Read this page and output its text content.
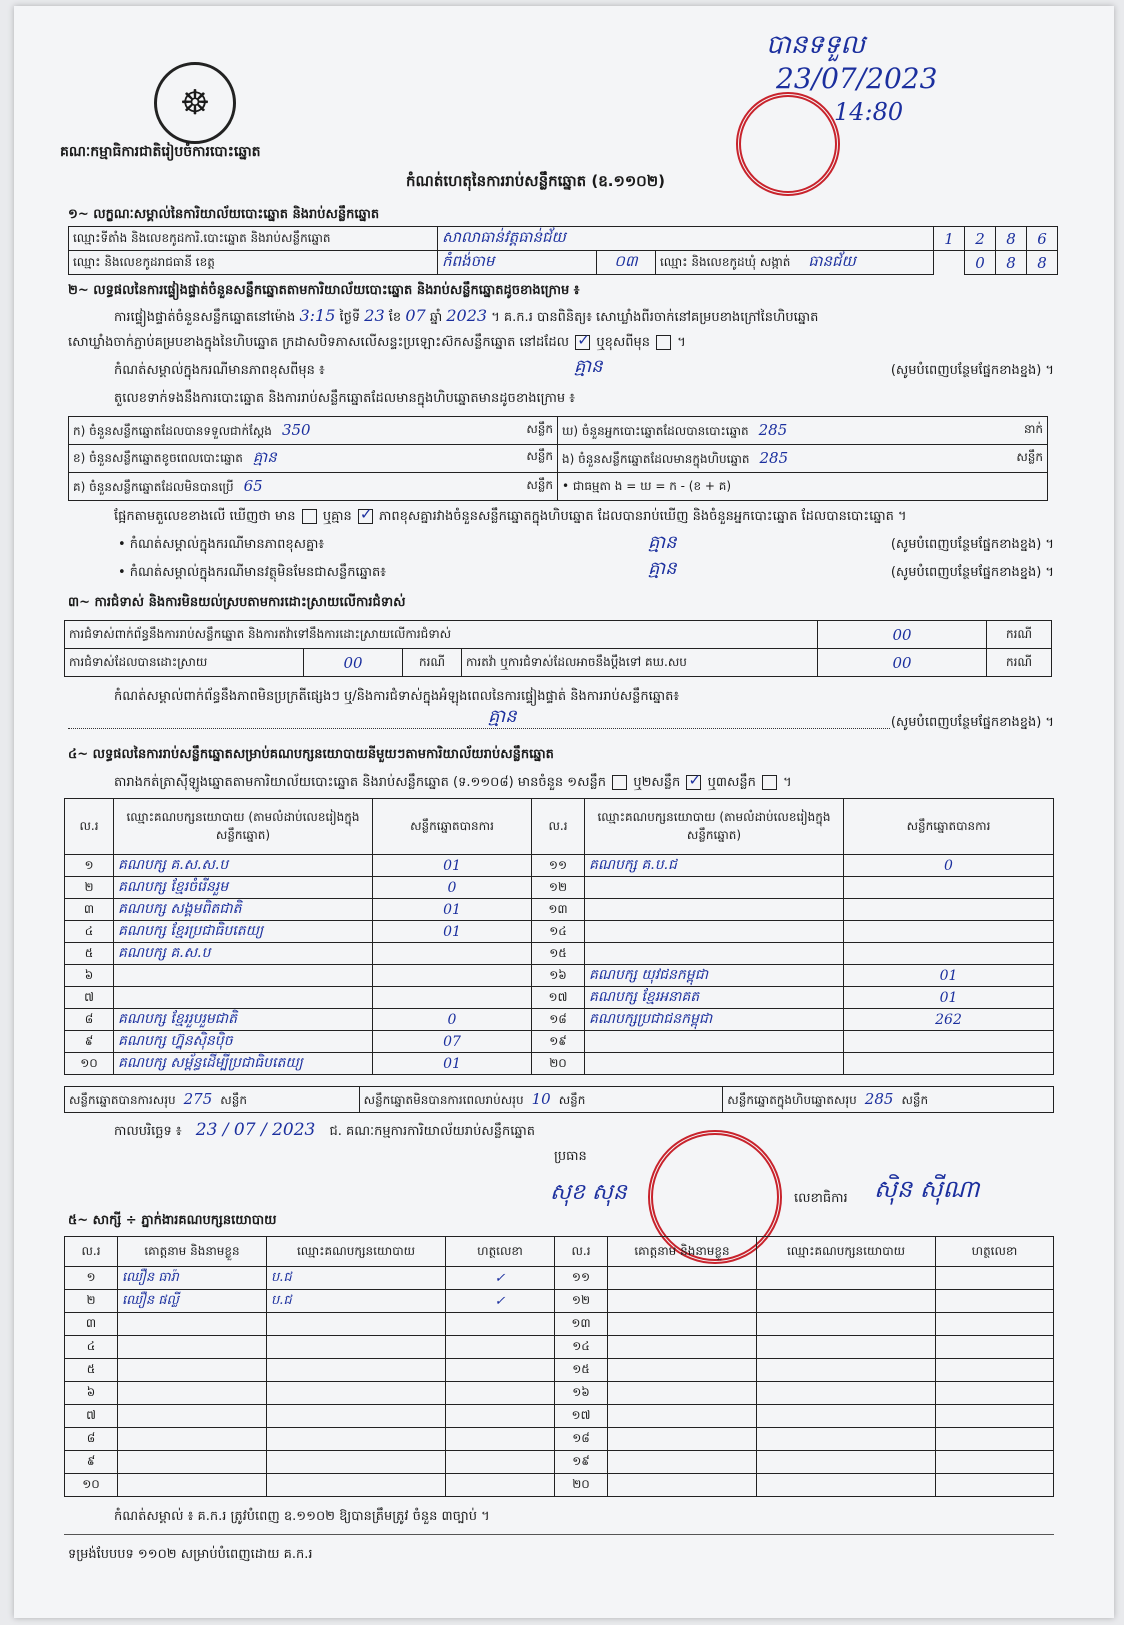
☸
គណៈកម្មាធិការជាតិរៀបចំការបោះឆ្នោត
កំណត់ហេតុនៃការរាប់សន្លឹកឆ្នោត (ឧ.១១០២)
បានទទួល
23/07/2023
14:80
១~ លក្ខណៈសម្គាល់នៃការិយាល័យបោះឆ្នោត និងរាប់សន្លឹកឆ្នោត
ឈ្មោះទីតាំង និងលេខកូដការិ.បោះឆ្នោត និងរាប់សន្លឹកឆ្នោត	សាលាធាន់វត្តធាន់ជ័យ			1	2	8	6
ឈ្មោះ និងលេខកូដរាជធានី ខេត្ត	កំពង់ចាម	០៣	ឈ្មោះ និងលេខកូដឃុំ សង្កាត់ ធានជ័យ		0	8	8
២~ លទ្ធផលនៃការផ្ទៀងផ្ទាត់ចំនួនសន្លឹកឆ្នោតតាមការិយាល័យបោះឆ្នោត និងរាប់សន្លឹកឆ្នោតដូចខាងក្រោម ៖
ការផ្ទៀងផ្ទាត់ចំនួនសន្លឹកឆ្នោតនៅម៉ោង 3:15 ថ្ងៃទី 23 ខែ 07 ឆ្នាំ 2023 ។ គ.ក.រ បានពិនិត្យ៖ សោឃ្លាំងពីរចាក់នៅគម្របខាងក្រៅនៃហិបឆ្នោត
សោឃ្លាំងចាក់ភ្ជាប់គម្របខាងក្នុងនៃហិបឆ្នោត ក្រដាសបិទភាសលើសន្ទះប្រឡោះស៊កសន្លឹកឆ្នោត នៅដដែល ✓ ឬខុសពីមុន  ។
កំណត់សម្គាល់ក្នុងករណីមានភាពខុសពីមុន ៖	គ្មាន	(សូមបំពេញបន្ថែមផ្នែកខាងខ្នង) ។
តួលេខទាក់ទងនឹងការបោះឆ្នោត និងការរាប់សន្លឹកឆ្នោតដែលមានក្នុងហិបឆ្នោតមានដូចខាងក្រោម ៖
ក) ចំនួនសន្លឹកឆ្នោតដែលបានទទួលជាក់ស្តែង 350 សន្លឹក	ឃ) ចំនួនអ្នកបោះឆ្នោតដែលបានបោះឆ្នោត 285 នាក់

ខ) ចំនួនសន្លឹកឆ្នោតខូចពេលបោះឆ្នោត គ្មាន សន្លឹក	ង) ចំនួនសន្លឹកឆ្នោតដែលមានក្នុងហិបឆ្នោត 285 សន្លឹក

គ) ចំនួនសន្លឹកឆ្នោតដែលមិនបានប្រើ 65 សន្លឹក	• ជាធម្មតា ង = ឃ = ក - (ខ + គ)
ផ្អែកតាមតួលេខខាងលើ ឃើញថា មាន ឬគ្មាន ✓ ភាពខុសគ្នារវាងចំនួនសន្លឹកឆ្នោតក្នុងហិបឆ្នោត ដែលបានរាប់ឃើញ និងចំនួនអ្នកបោះឆ្នោត ដែលបានបោះឆ្នោត ។
• កំណត់សម្គាល់ក្នុងករណីមានភាពខុសគ្នា៖	គ្មាន	(សូមបំពេញបន្ថែមផ្នែកខាងខ្នង) ។
• កំណត់សម្គាល់ក្នុងករណីមានវត្ថុមិនមែនជាសន្លឹកឆ្នោត៖	គ្មាន	(សូមបំពេញបន្ថែមផ្នែកខាងខ្នង) ។
៣~ ការជំទាស់ និងការមិនយល់ស្របតាមការដោះស្រាយលើការជំទាស់
ការជំទាស់ពាក់ព័ន្ធនឹងការរាប់សន្លឹកឆ្នោត និងការតវ៉ាទៅនឹងការដោះស្រាយលើការជំទាស់				00	ករណី
ការជំទាស់ដែលបានដោះស្រាយ	00	ករណី	ការតវ៉ា ឬការជំទាស់ដែលអាចនឹងប្តឹងទៅ គឃ.សប	00	ករណី
កំណត់សម្គាល់ពាក់ព័ន្ធនឹងភាពមិនប្រក្រតីផ្សេងៗ ឬ/និងការជំទាស់ក្នុងអំឡុងពេលនៃការផ្ទៀងផ្ទាត់ និងការរាប់សន្លឹកឆ្នោត៖
គ្មាន	(សូមបំពេញបន្ថែមផ្នែកខាងខ្នង) ។
៤~ លទ្ធផលនៃការរាប់សន្លឹកឆ្នោតសម្រាប់គណបក្សនយោបាយនីមួយៗតាមការិយាល័យរាប់សន្លឹកឆ្នោត
តារាងកត់ត្រាស៊ីឡូងឆ្នោតតាមការិយាល័យបោះឆ្នោត និងរាប់សន្លឹកឆ្នោត (ទ.១១០៨) មានចំនួន ១សន្លឹក ឬ២សន្លឹក ✓ ឬ៣សន្លឹក  ។
ល.រ	ឈ្មោះគណបក្សនយោបាយ (តាមលំដាប់លេខរៀងក្នុងសន្លឹកឆ្នោត)	សន្លឹកឆ្នោតបានការ	ល.រ	ឈ្មោះគណបក្សនយោបាយ (តាមលំដាប់លេខរៀងក្នុងសន្លឹកឆ្នោត)	សន្លឹកឆ្នោតបានការ
១	គណបក្ស គ.ស.ស.ប	01	១១	គណបក្ស គ.ប.ជ	0
២	គណបក្ស ខ្មែរចំរើនរួម	0	១២		
៣	គណបក្ស សង្គមពិតជាតិ	01	១៣		
៤	គណបក្ស ខ្មែរប្រជាធិបតេយ្យ	01	១៤		
៥	គណបក្ស គ.ស.ប		១៥		
៦			១៦	គណបក្ស យុវជនកម្ពុជា	01
៧			១៧	គណបក្ស ខ្មែរអនាគត	01
៨	គណបក្ស ខ្មែររួបរួមជាតិ	0	១៨	គណបក្សប្រជាជនកម្ពុជា	262
៩	គណបក្ស ហ្វ៊ុនស៊ិនប៉ិច	07	១៩		
១០	គណបក្ស សម្ព័ន្ធដើម្បីប្រជាធិបតេយ្យ	01	២០		
សន្លឹកឆ្នោតបានការសរុប 275 សន្លឹក	សន្លឹកឆ្នោតមិនបានការពេលរាប់សរុប 10 សន្លឹក	សន្លឹកឆ្នោតក្នុងហិបឆ្នោតសរុប 285 សន្លឹក
កាលបរិច្ឆេទ ៖ 23 / 07 / 2023 ជ. គណៈកម្មការការិយាល័យរាប់សន្លឹកឆ្នោត
ប្រធាន
សុខ សុន	លេខាធិការ ស៊ិន ស៊ីណា
៥~ សាក្សី ÷ ភ្នាក់ងារគណបក្សនយោបាយ
ល.រ	គោត្តនាម និងនាមខ្លួន	ឈ្មោះគណបក្សនយោបាយ	ហត្ថលេខា	ល.រ	គោត្តនាម និងនាមខ្លួន	ឈ្មោះគណបក្សនយោបាយ	ហត្ថលេខា
១	ឈឿន ធារ៉ា	ប.ជ	✓	១១			
២	ឈឿន ផល្លី	ប.ជ	✓	១២			
៣				១៣			
៤				១៤			
៥				១៥			
៦				១៦			
៧				១៧			
៨				១៨			
៩				១៩			
១០				២០			
កំណត់សម្គាល់ ៖ គ.ក.រ ត្រូវបំពេញ ឧ.១១០២ ឱ្យបានត្រឹមត្រូវ ចំនួន ៣ច្បាប់ ។
ទម្រង់បែបបទ ១១០២ សម្រាប់បំពេញដោយ គ.ក.រ
